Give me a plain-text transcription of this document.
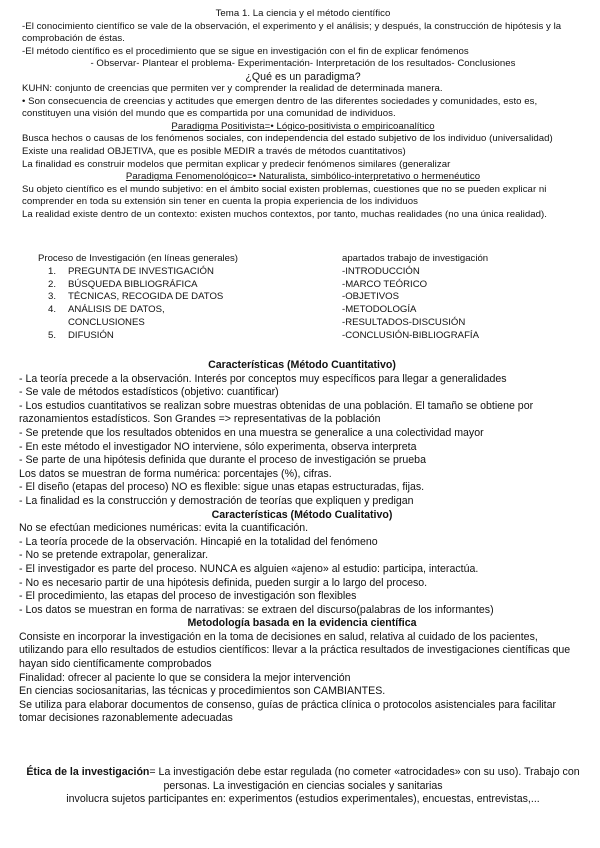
Tema 1. La ciencia y el método científico

-El conocimiento científico se vale de la observación, el experimento y el análisis; y después, la construcción de hipótesis y la comprobación de éstas.

-El método científico es el procedimiento que se sigue en investigación con el fin de explicar fenómenos

- Observar- Plantear el problema- Experimentación- Interpretación de los resultados- Conclusiones

¿Qué es un paradigma?

KUHN: conjunto de creencias que permiten ver y comprender la realidad de determinada manera.

• Son consecuencia de creencias y actitudes que emergen dentro de las diferentes sociedades y comunidades, esto es, constituyen una visión del mundo que es compartida por una comunidad de individuos.

Paradigma Positivista=• Lógico-positivista o empiricoanalítico

Busca hechos o causas de los fenómenos sociales, con independencia del estado subjetivo de los individuo (universalidad)

Existe una realidad OBJETIVA, que es posible MEDIR a través de métodos cuantitativos)

La finalidad es construir modelos que permitan explicar y predecir fenómenos similares (generalizar

Paradigma Fenomenológico=• Naturalista, simbólico-interpretativo o hermenéutico

Su objeto científico es el mundo subjetivo: en el ámbito social existen problemas, cuestiones que no se pueden explicar ni comprender en toda su extensión sin tener en cuenta la propia experiencia de los individuos

La realidad existe dentro de un contexto: existen muchos contextos, por tanto, muchas realidades (no una única realidad).

Proceso de Investigación (en líneas generales)

1. PREGUNTA DE INVESTIGACIÓN
2. BÚSQUEDA BIBLIOGRÁFICA
3. TÉCNICAS, RECOGIDA DE DATOS
4. ANÁLISIS DE DATOS,
CONCLUSIONES
5. DIFUSIÓN

apartados trabajo de investigación

-INTRODUCCIÓN

-MARCO TEÓRICO

-OBJETIVOS

-METODOLOGÍA

-RESULTADOS-DISCUSIÓN

-CONCLUSIÓN-BIBLIOGRAFÍA

Características (Método Cuantitativo)

- La teoría precede a la observación. Interés por conceptos muy específicos para llegar a generalidades

- Se vale de métodos estadísticos (objetivo: cuantificar)

- Los estudios cuantitativos se realizan sobre muestras obtenidas de una población. El tamaño se obtiene por razonamientos estadísticos. Son Grandes => representativas de la población

- Se pretende que los resultados obtenidos en una muestra se generalice a una colectividad mayor

- En este método el investigador NO interviene, sólo experimenta, observa interpreta

- Se parte de una hipótesis definida que durante el proceso de investigación se prueba

Los datos se muestran de forma numérica: porcentajes (%), cifras.

- El diseño (etapas del proceso) NO es flexible: sigue unas etapas estructuradas, fijas.

- La finalidad es la construcción y demostración de teorías que expliquen y predigan

Características (Método Cualitativo)

No se efectúan mediciones numéricas: evita la cuantificación.

- La teoría procede de la observación. Hincapié en la totalidad del fenómeno

- No se pretende extrapolar, generalizar.

- El investigador es parte del proceso. NUNCA es alguien «ajeno» al estudio: participa, interactúa.

- No es necesario partir de una hipótesis definida, pueden surgir a lo largo del proceso.

- El procedimiento, las etapas del proceso de investigación son flexibles

- Los datos se muestran en forma de narrativas: se extraen del discurso(palabras de los informantes)

Metodología basada en la evidencia científica

Consiste en incorporar la investigación en la toma de decisiones en salud, relativa al cuidado de los pacientes, utilizando para ello resultados de estudios científicos: llevar a la práctica resultados de investigaciones científicas que hayan sido científicamente comprobados

Finalidad: ofrecer al paciente lo que se considera la mejor intervención

En ciencias sociosanitarias, las técnicas y procedimientos son CAMBIANTES.

Se utiliza para elaborar documentos de consenso, guías de práctica clínica o protocolos asistenciales para facilitar tomar decisiones razonablemente adecuadas

Ética de la investigación= La investigación debe estar regulada (no cometer «atrocidades» con su uso). Trabajo con personas. La investigación en ciencias sociales y sanitarias

involucra sujetos participantes en: experimentos (estudios experimentales), encuestas, entrevistas,...
